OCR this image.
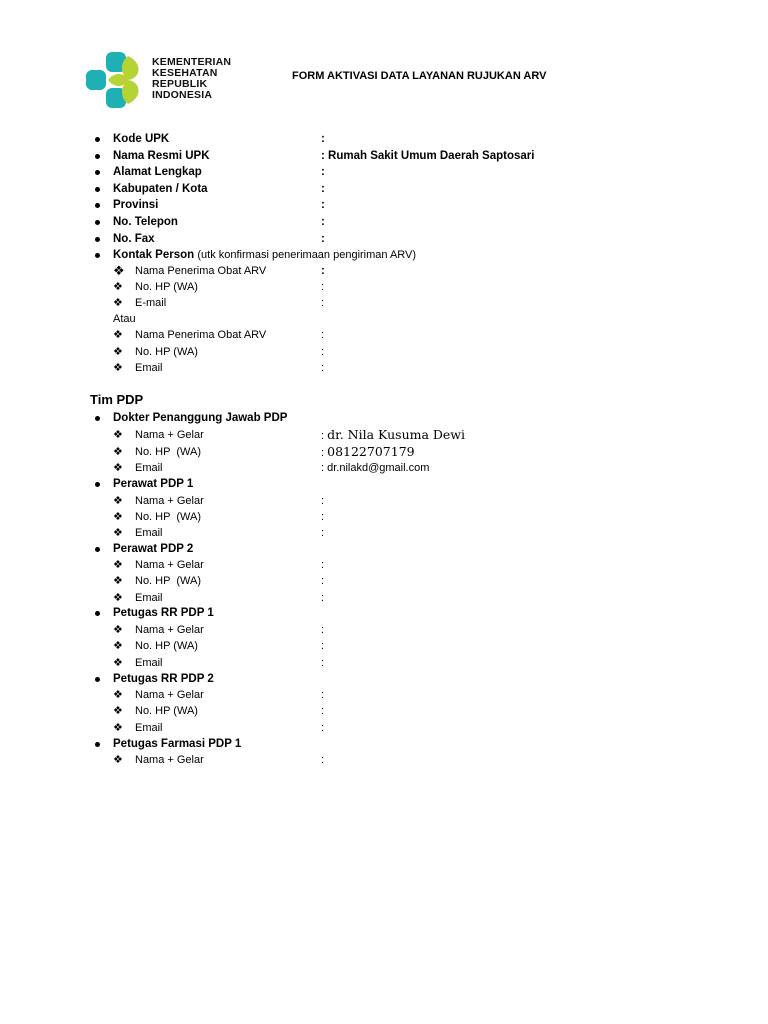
KEMENTERIAN
KESEHATAN
REPUBLIK
INDONESIA
FORM AKTIVASI DATA LAYANAN RUJUKAN ARV
Kode UPK	:
Nama Resmi UPK	: Rumah Sakit Umum Daerah Saptosari
Alamat Lengkap	:
Kabupaten / Kota	:
Provinsi	:
No. Telepon	:
No. Fax	:
Kontak Person (utk konfirmasi penerimaan pengiriman ARV)
❖ Nama Penerima Obat ARV	:
❖ No. HP (WA)	:
❖ E-mail	:
Atau
❖ Nama Penerima Obat ARV	:
❖ No. HP (WA)	:
❖ Email	:
Tim PDP
Dokter Penanggung Jawab PDP
❖ Nama + Gelar	: dr. Nila Kusuma Dewi
❖ No. HP  (WA)	: 08122707179
❖ Email	: dr.nilakd@gmail.com
Perawat PDP 1
❖ Nama + Gelar	:
❖ No. HP  (WA)	:
❖ Email	:
Perawat PDP 2
❖ Nama + Gelar	:
❖ No. HP  (WA)	:
❖ Email	:
Petugas RR PDP 1
❖ Nama + Gelar	:
❖ No. HP (WA)	:
❖ Email	:
Petugas RR PDP 2
❖ Nama + Gelar	:
❖ No. HP (WA)	:
❖ Email	:
Petugas Farmasi PDP 1
❖ Nama + Gelar	:
